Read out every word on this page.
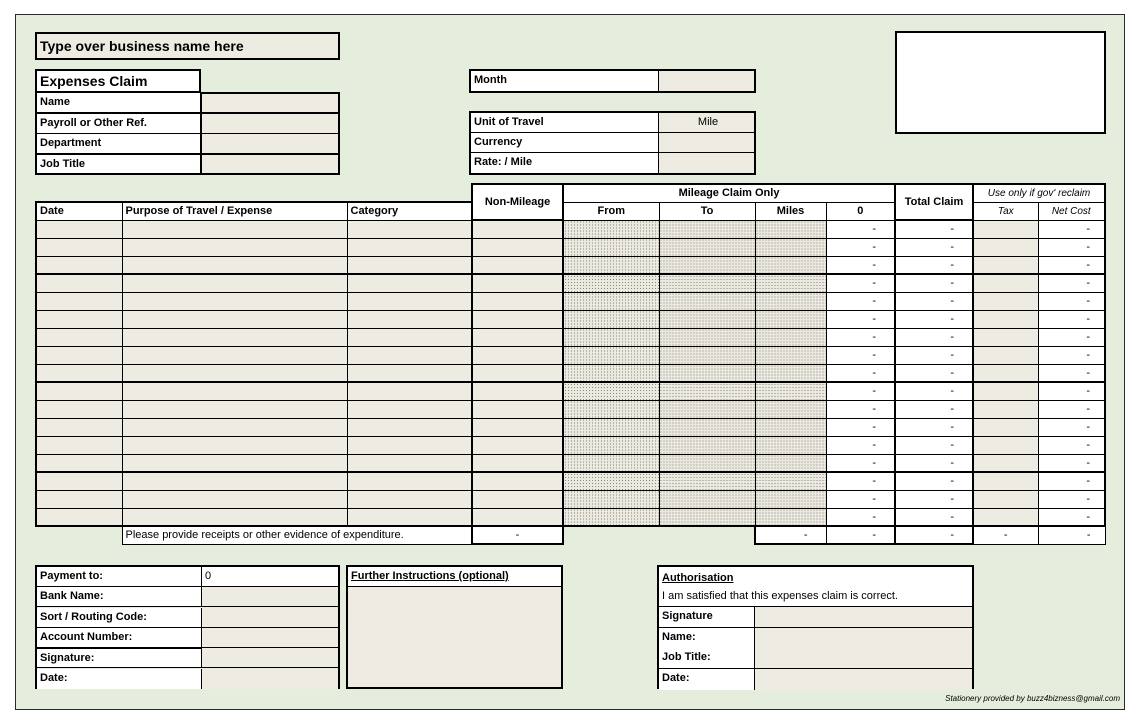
Type over business name here
Expenses Claim
Name
Payroll or Other Ref.
Department
Job Title
Month
Unit of Travel	Mile
Currency
Rate: / Mile
			Non-Mileage	Mileage Claim Only				Total Claim	Use only if gov' reclaim	
Date	Purpose of Travel / Expense	Category		From	To	Miles	0		Tax	Net Cost
							-	-		-
							-	-		-
							-	-		-
							-	-		-
							-	-		-
							-	-		-
							-	-		-
							-	-		-
							-	-		-
							-	-		-
							-	-		-
							-	-		-
							-	-		-
							-	-		-
							-	-		-
							-	-		-
							-	-		-
	Please provide receipts or other evidence of expenditure.		-			-	-	-	-	-
Payment to:	0
Bank Name:
Sort / Routing Code:
Account Number:
Signature:
Date:
Further Instructions (optional)	Authorisation
I am satisfied that this expenses claim is correct.
Signature
Name:
Job Title:
Date:
Stationery provided by buzz4bizness@gmail.com
